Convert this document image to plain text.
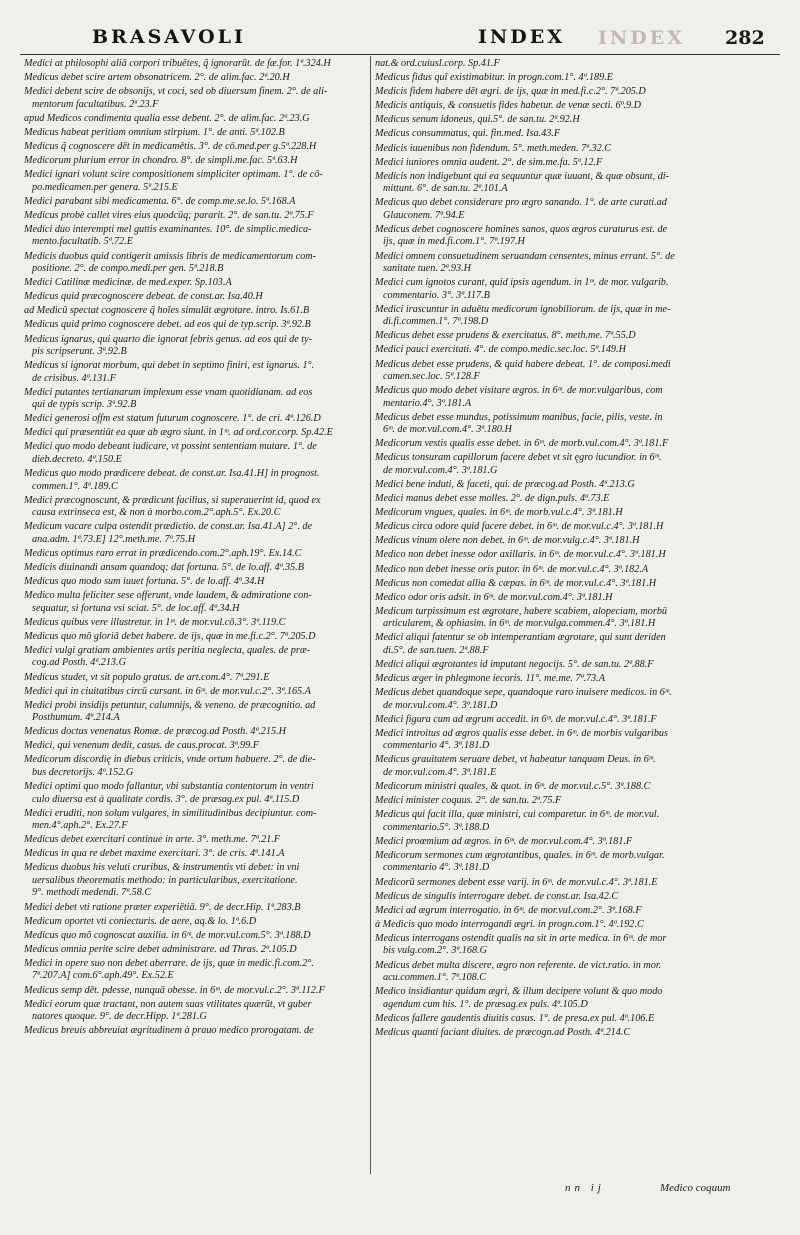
BRASAVOLI	INDEX
INDEX	282
Medici at philosophi aliā corpori tribuētes, q̃ ignorarūt. de fæ.for. 1ª.324.H
Medicus debet scire artem obsonatricem. 2°. de alim.fac. 2ª.20.H
Medici debent scire de obsonijs, vt coci, sed ob diuersum finem. 2°. de ali-
mentorum facultatibus. 2ª.23.F
apud Medicos condimenta qualia esse debent. 2°. de alim.fac. 2ª.23.G
Medicus habeat peritiam omnium stirpium. 1°. de anti. 5ª.102.B
Medicus q̃ cognoscere dēt in medicamētis. 3°. de cō.med.per g.5ª.228.H
Medicorum plurium error in chondro. 8°. de simpli.me.fac. 5ª.63.H
Medici ignari volunt scire compositionem simpliciter optimam. 1°. de cō-
po.medicamen.per genera. 5ª.215.E
Medici parabant sibi medicamenta. 6°. de comp.me.se.lo. 5ª.168.A
Medicus probè callet vires eius quodcūq; pararit. 2°. de san.tu. 2ª.75.F
Medici duo interempti mel guttis examinantes. 10°. de simplic.medica-
mento.facultatib. 5ª.72.E
Medicis duobus quid contigerit amissis libris de medicamentorum com-
positione. 2°. de compo.medi.per gen. 5ª.218.B
Medici Catilinæ medicinæ. de med.exper. Sp.103.A
Medicus quid præcognoscere debeat. de const.ar. Isa.40.H
ad Medicū spectat cognoscere q̃ hoīes simulāt ægrotare. intro. Is.61.B
Medicus quid primo cognoscere debet. ad eos qui de typ.scrip. 3ª.92.B
Medicus ignarus, qui quarto die ignorat febris genus. ad eos qui de ty-
pis scripserunt. 3ª.92.B
Medicus si ignorat morbum, qui debet in septimo finiri, est ignarus. 1°.
de crisibus. 4ª.131.F
Medici putantes tertianarum implexum esse vnam quotidianam. ad eos
qui de typis scrip. 3ª.92.B
Medici generosi offm est statum futurum cognoscere. 1°. de cri. 4ª.126.D
Medici qui præsentiūt ea quæ ab ægro siunt. in 1ᵐ. ad ord.cor.corp. Sp.42.E
Medici quo modo debeant iudicare, vt possint sententiam mutare. 1°. de
dieb.decreto. 4ª.150.E
Medicus quo modo prædicere debeat. de const.ar. Isa.41.H] in prognost.
commen.1°. 4ª.189.C
Medici præcognoscunt, & prædicunt facilius, si superauerint id, quod ex
causa extrinseca est, & non à morbo.com.2°.aph.5°. Ex.20.C
Medicum vacare culpa ostendit prædictio. de const.ar. Isa.41.A] 2°. de
ana.adm. 1ª.73.E] 12°.meth.me. 7ª.75.H
Medicus optimus raro errat in prædicendo.com.2°.aph.19°. Ex.14.C
Medicis diuinandi ansam quandoq; dat fortuna. 5°. de lo.aff. 4ª.35.B
Medicus quo modo sum iuuet fortuna. 5°. de lo.aff. 4ª.34.H
Medico multa feliciter sese offerunt, vnde laudem, & admiratione con-
sequatur, si fortuna vsi sciat. 5°. de loc.aff. 4ª.34.H
Medicus quibus vere illustretur. in 1ᵐ. de mor.vul.cō.3°. 3ª.119.C
Medicus quo mō gloriā debet habere. de ijs, quæ in me.fi.c.2°. 7ª.205.D
Medici vulgi gratiam ambientes artis peritia neglecta, quales. de præ-
cog.ad Posth. 4ª.213.G
Medicus studet, vt sit populo gratus. de art.com.4°. 7ª.291.E
Medici qui in ciuitatibus circū cursant. in 6ᵐ. de mor.vul.c.2°. 3ª.165.A
Medici probi insidijs petuntur, calumnijs, & veneno. de præcognitio. ad
Posthumum. 4ª.214.A
Medicus doctus venenatus Romæ. de præcog.ad Posth. 4ª.215.H
Medici, qui venenum dedit, casus. de caus.procat. 3ª.99.F
Medicorum discordię in diebus criticis, vnde ortum habuere. 2°. de die-
bus decretorijs. 4ª.152.G
Medici optimi quo modo fallantur, vbi substantia contentorum in ventri
culo diuersa est à qualitate cordis. 3°. de præsag.ex pul. 4ª.115.D
Medici eruditi, non solum vulgares, in similitudinibus decipiuntur. com-
men.4°.aph.2°. Ex.27.F
Medicus debet exercitari continue in arte. 3°. meth.me. 7ª.21.F
Medicus in qua re debet maxime exercitari. 3°. de cris. 4ª.141.A
Medicus duobus his veluti cruribus, & instrumentis vti debet: in vni
uersalibus theorematis methodo: in particularibus, exercitatione.
9°. methodi medendi. 7ª.58.C
Medici debet vti ratione præter experiētiā. 9°. de decr.Hip. 1ª.283.B
Medicum oportet vti coniecturis. de aere, aq.& lo. 1ª.6.D
Medicus quo mō cognoscat auxilia. in 6ᵐ. de mor.vul.com.5°. 3ª.188.D
Medicus omnia perite scire debet administrare. ad Thras. 2ª.105.D
Medici in opere suo non debet aberrare. de ijs, quæ in medic.fi.com.2°.
7ª.207.A] com.6°.aph.49°. Ex.52.E
Medicus semp dēt. pdesse, nunquā obesse. in 6ᵐ. de mor.vul.c.2°. 3ª.112.F
Medici eorum quæ tractant, non autem suas vtilitates quærūt, vt guber
natores quoque. 9°. de decr.Hipp. 1ª.281.G
Medicus breuis abbreuiat ægritudinem à prauo medico prorogatam. de
nat.& ord.cuiusl.corp. Sp.41.F
Medicus fidus quī existimabitur. in progn.com.1°. 4ª.189.E
Medicis fidem habere dēt ægri. de ijs, quæ in med.fi.c.2°. 7ª.205.D
Medicis antiquis, & consuetis fides habetur. de venæ secti. 6ª.9.D
Medicus senum idoneus, qui.5°. de san.tu. 2ª.92.H
Medicus consummatus, qui. fin.med. Isa.43.F
Medicis iuuenibus non fidendum. 5°. meth.meden. 7ª.32.C
Medici iuniores omnia audent. 2°. de sim.me.fa. 5ª.12.F
Medicis non indigebunt qui ea sequuntur quæ iuuant, & quæ obsunt, di-
mittunt. 6°. de san.tu. 2ª.101.A
Medicus quo debet considerare pro ægro sanando. 1°. de arte curati.ad
Glauconem. 7ª.94.E
Medicus debet cognoscere homines sanos, quos ægros curaturus est. de
ijs, quæ in med.fi.com.1°. 7ª.197.H
Medici omnem consuetudinem seruandam censentes, minus errant. 5°. de
sanitate tuen. 2ª.93.H
Medici cum ignotos curant, quid ipsis agendum. in 1ᵐ. de mor. vulgarib.
commentario. 3°. 3ª.117.B
Medici irascuntur in aduētu medicorum ignobiliorum. de ijs, quæ in me-
di.fi.commen.1°. 7ª.198.D
Medicus debet esse prudens & exercitatus. 8°. meth.me. 7ª.55.D
Medici pauci exercitati. 4°. de compo.medic.sec.loc. 5ª.149.H
Medicus debet esse prudens, & quid habere debeat. 1°. de composi.medi
camen.sec.loc. 5ª.128.F
Medicus quo modo debet visitare ægros. in 6ᵐ. de mor.vulgaribus, com
mentario.4°. 3ª.181.A
Medicus debet esse mundus, potissimum manibus, facie, pilis, veste. in
6ᵐ. de mor.vul.com.4°. 3ª.180.H
Medicorum vestis qualis esse debet. in 6ᵐ. de morb.vul.com.4°. 3ª.181.F
Medicus tonsuram capillorum facere debet vt sit ęgro iucundior. in 6ᵐ.
de mor.vul.com.4°. 3ª.181.G
Medici bene induti, & faceti, qui. de præcog.ad Posth. 4ª.213.G
Medici manus debet esse molles. 2°. de dign.puls. 4ª.73.E
Medicorum vngues, quales. in 6ᵐ. de morb.vul.c.4°. 3ª.181.H
Medicus circa odore quid facere debet. in 6ᵐ. de mor.vul.c.4°. 3ª.181.H
Medicus vinum olere non debet. in 6ᵐ. de mor.vulg.c.4°. 3ª.181.H
Medico non debet inesse odor axillaris. in 6ᵐ. de mor.vul.c.4°. 3ª.181.H
Medico non debet inesse oris putor. in 6ᵐ. de mor.vul.c.4°. 3ª.182.A
Medicus non comedat allia & cæpas. in 6ᵐ. de mor.vul.c.4°. 3ª.181.H
Medico odor oris adsit. in 6ᵐ. de mor.vul.com.4°. 3ª.181.H
Medicum turpissimum est ægrotare, habere scabiem, alopeciam, morbū
articularem, & ophiasim. in 6ᵐ. de mor.vulga.commen.4°. 3ª.181.H
Medici aliqui fatentur se ob intemperantiam ægrotare, qui sunt deriden
di.5°. de san.tuen. 2ª.88.F
Medici aliqui ægrotantes id imputant negocijs. 5°. de san.tu. 2ª.88.F
Medicus æger in phlegmone iecoris. 11°. me.me. 7ª.73.A
Medicus debet quandoque sepe, quandoque raro inuisere medicos. in 6ᵐ.
de mor.vul.com.4°. 3ª.181.D
Medici figura cum ad ægrum accedit. in 6ᵐ. de mor.vul.c.4°. 3ª.181.F
Medici introitus ad ægros qualis esse debet. in 6ᵐ. de morbis vulgaribus
commentario 4°. 3ª.181.D
Medicus grauitatem seruare debet, vt habeatur tanquam Deus. in 6ᵐ.
de mor.vul.com.4°. 3ª.181.E
Medicorum ministri quales, & quot. in 6ᵐ. de mor.vul.c.5°. 3ª.188.C
Medici minister coquus. 2°. de san.tu. 2ª.75.F
Medicus qui facit illa, quæ ministri, cui comparetur. in 6ᵐ. de mor.vul.
commentario.5°. 3ª.188.D
Medici proœmium ad ægros. in 6ᵐ. de mor.vul.com.4°. 3ª.181.F
Medicorum sermones cum ægrotantibus, quales. in 6ᵐ. de morb.vulgar.
commentario 4°. 3ª.181.D
Medicorū sermones debent esse varij. in 6ᵐ. de mor.vul.c.4°. 3ª.181.E
Medicus de singulis interrogare debet. de const.ar. Isa.42.C
Medici ad ægrum interrogatio. in 6ᵐ. de mor.vul.com.2°. 3ª.168.F
à Medicis quo modo interrogandi ægri. in progn.com.1°. 4ª.192.C
Medicus interrogans ostendit qualis na sit in arte medica. in 6ᵐ. de mor
bis vulg.com.2°. 3ª.168.G
Medicus debet multa discere, ægro non referente. de vict.ratio. in mor.
acu.commen.1°. 7ª.108.C
Medico insidiantur quidam ægri, & illum decipere volunt & quo modo
agendum cum his. 1°. de præsag.ex puls. 4ª.105.D
Medicos fallere gaudentis diuitis casus. 1°. de presa.ex pul. 4ª.106.E
Medicus quanti faciant diuites. de præcogn.ad Posth. 4ª.214.C
nn ij	Medico coquum
